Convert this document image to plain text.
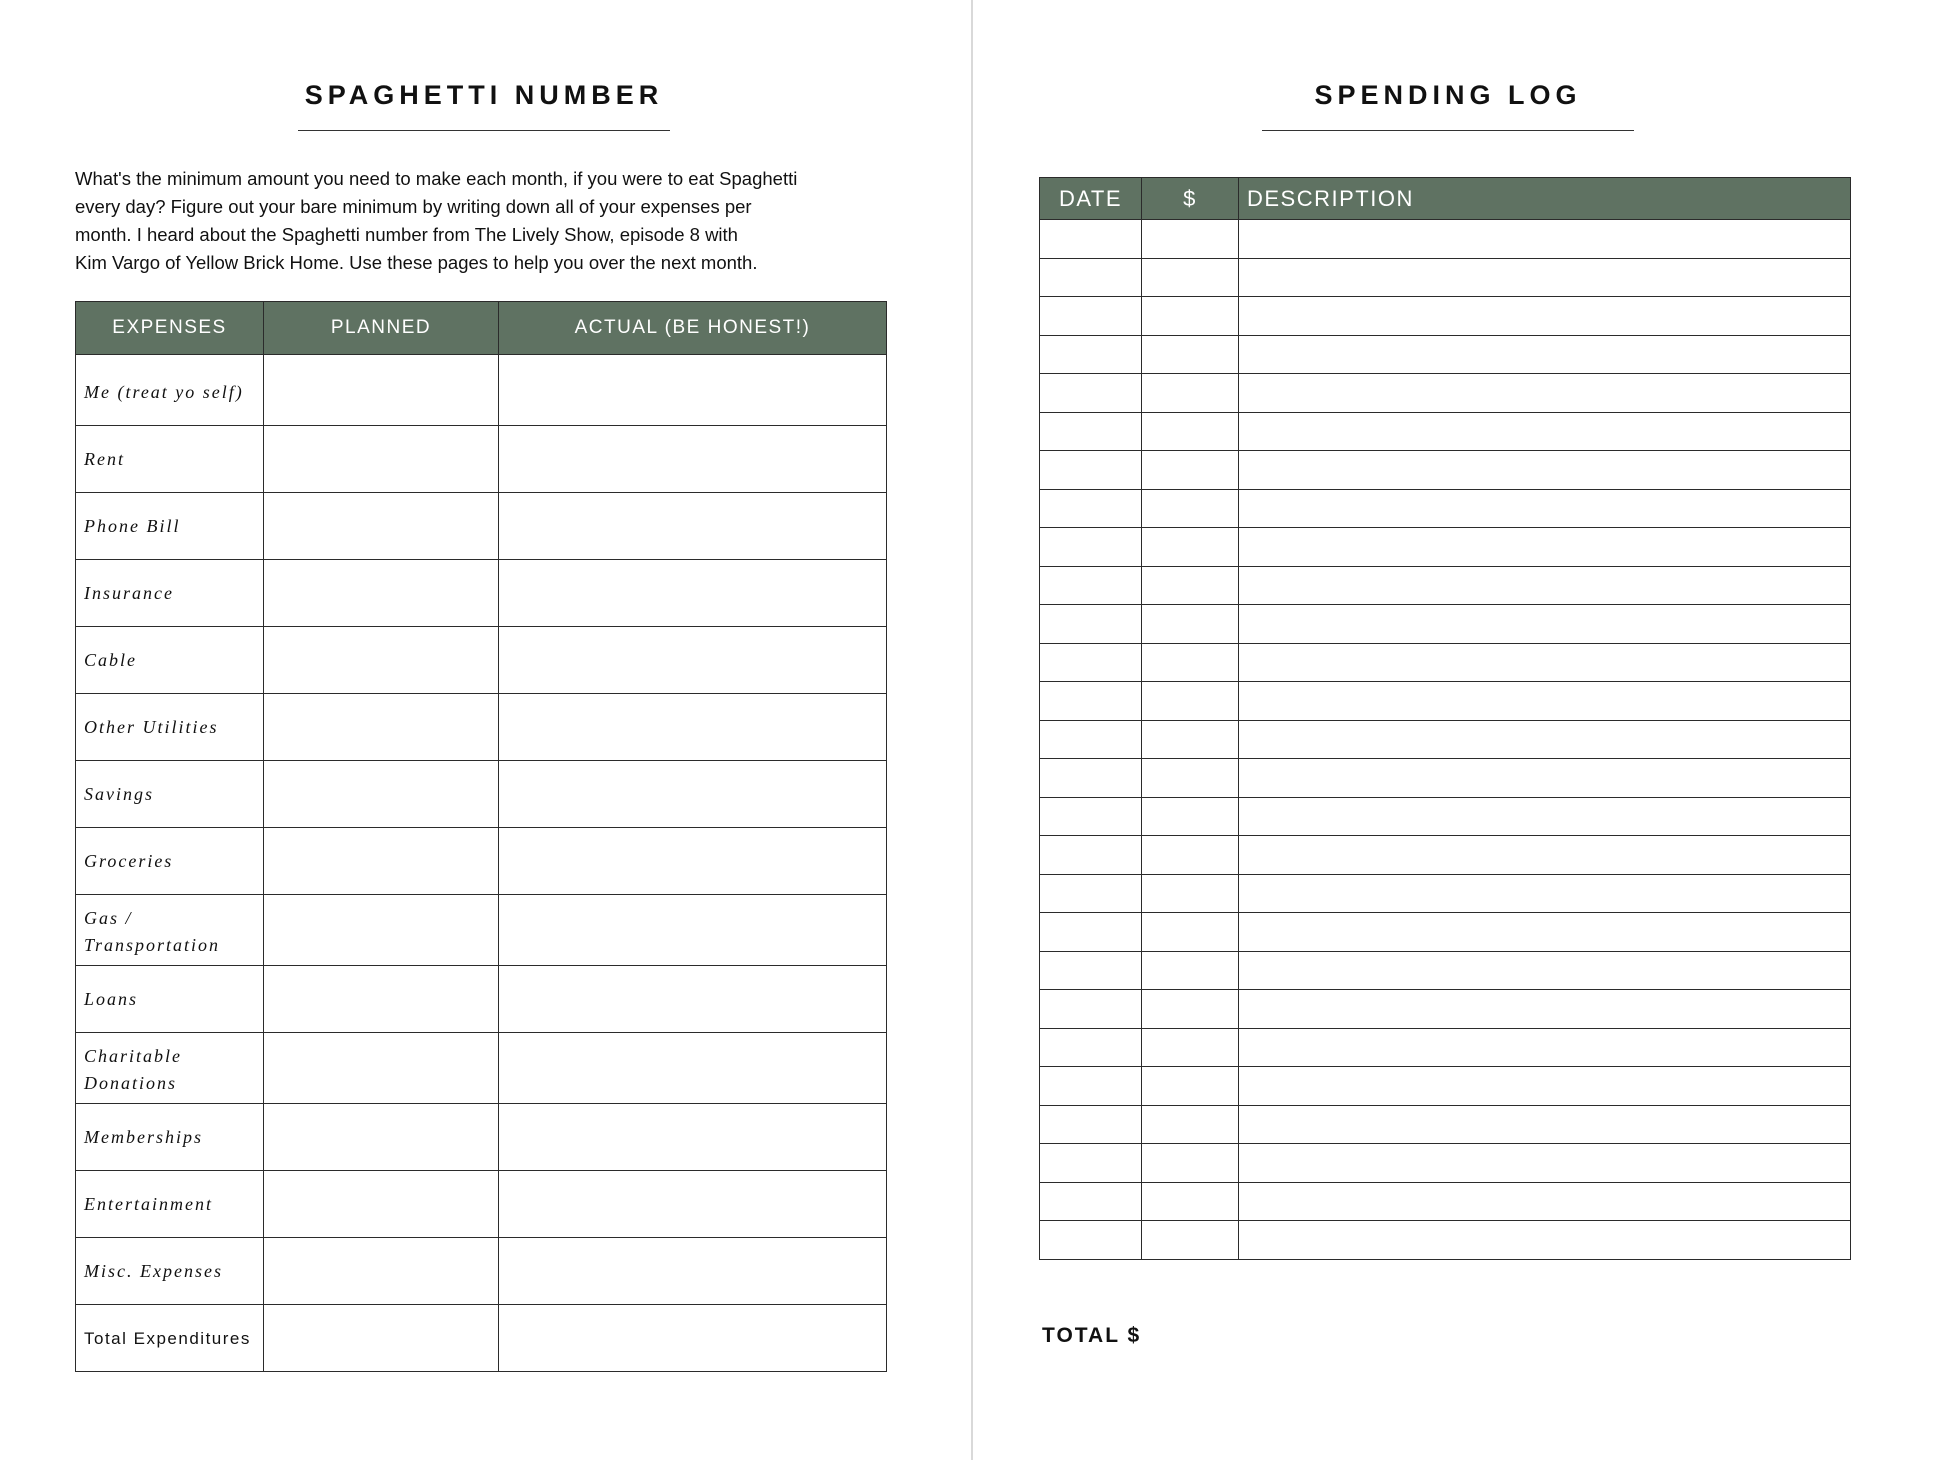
SPAGHETTI NUMBER

What's the minimum amount you need to make each month, if you were to eat Spaghetti
every day? Figure out your bare minimum by writing down all of your expenses per
month. I heard about the Spaghetti number from The Lively Show, episode 8 with
Kim Vargo of Yellow Brick Home. Use these pages to help you over the next month.

EXPENSES	PLANNED	ACTUAL (BE HONEST!)
Me (treat yo self)		
Rent		
Phone Bill		
Insurance		
Cable		
Other Utilities		
Savings		
Groceries		
Gas / Transportation		
Loans		
Charitable Donations		
Memberships		
Entertainment		
Misc. Expenses		
Total Expenditures		
SPENDING LOG
DATE	$	DESCRIPTION

TOTAL $
